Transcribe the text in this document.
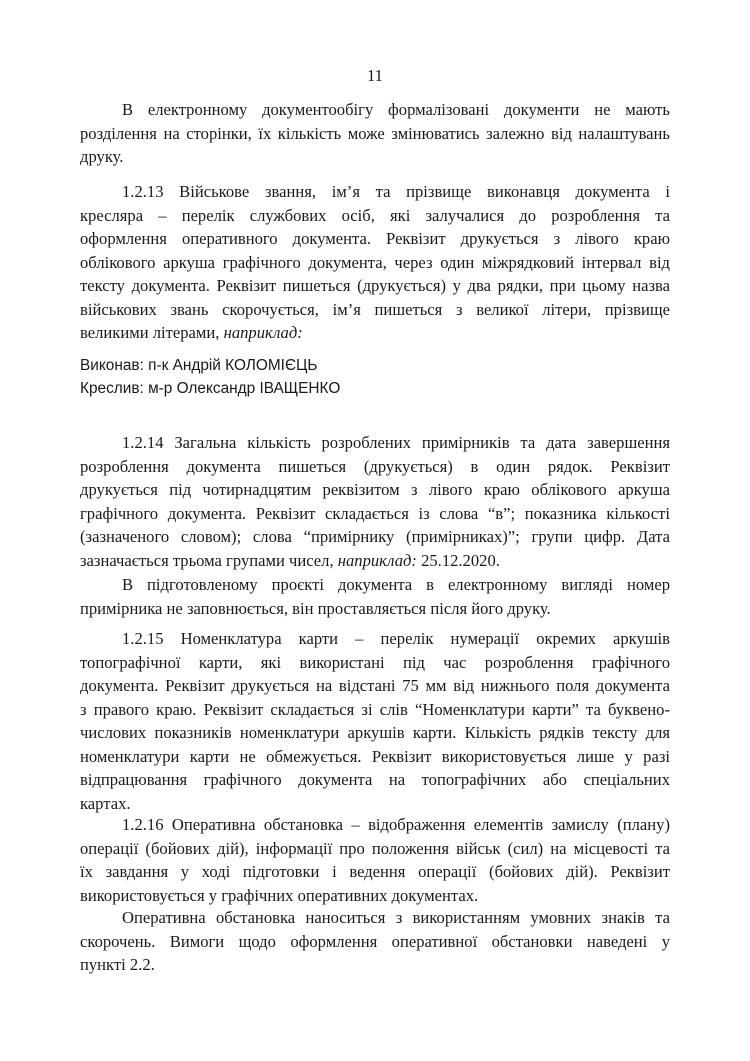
11
В електронному документообігу формалізовані документи не мають
розділення на сторінки, їх кількість може змінюватись залежно від налаштувань
друку.
1.2.13 Військове звання, ім’я та прізвище виконавця документа і
кресляра – перелік службових осіб, які залучалися до розроблення та
оформлення оперативного документа. Реквізит друкується з лівого краю
облікового аркуша графічного документа, через один міжрядковий інтервал від
тексту документа. Реквізит пишеться (друкується) у два рядки, при цьому назва
військових звань скорочується, ім’я пишеться з великої літери, прізвище
великими літерами, наприклад:
Виконав: п-к Андрій КОЛОМІЄЦЬ
Креслив: м-р Олександр ІВАЩЕНКО
1.2.14 Загальна кількість розроблених примірників та дата завершення
розроблення документа пишеться (друкується) в один рядок. Реквізит
друкується під чотирнадцятим реквізитом з лівого краю облікового аркуша
графічного документа. Реквізит складається із слова “в”; показника кількості
(зазначеного словом); слова “примірнику (примірниках)”; групи цифр. Дата
зазначається трьома групами чисел, наприклад: 25.12.2020.
В підготовленому проєкті документа в електронному вигляді номер
примірника не заповнюється, він проставляється після його друку.
1.2.15 Номенклатура карти – перелік нумерації окремих аркушів
топографічної карти, які використані під час розроблення графічного
документа. Реквізит друкується на відстані 75 мм від нижнього поля документа
з правого краю. Реквізит складається зі слів “Номенклатури карти” та буквено-
числових показників номенклатури аркушів карти. Кількість рядків тексту для
номенклатури карти не обмежується. Реквізит використовується лише у разі
відпрацювання графічного документа на топографічних або спеціальних
картах.
1.2.16 Оперативна обстановка – відображення елементів замислу (плану)
операції (бойових дій), інформації про положення військ (сил) на місцевості та
їх завдання у ході підготовки і ведення операції (бойових дій). Реквізит
використовується у графічних оперативних документах.
Оперативна обстановка наноситься з використанням умовних знаків та
скорочень. Вимоги щодо оформлення оперативної обстановки наведені у
пункті 2.2.
